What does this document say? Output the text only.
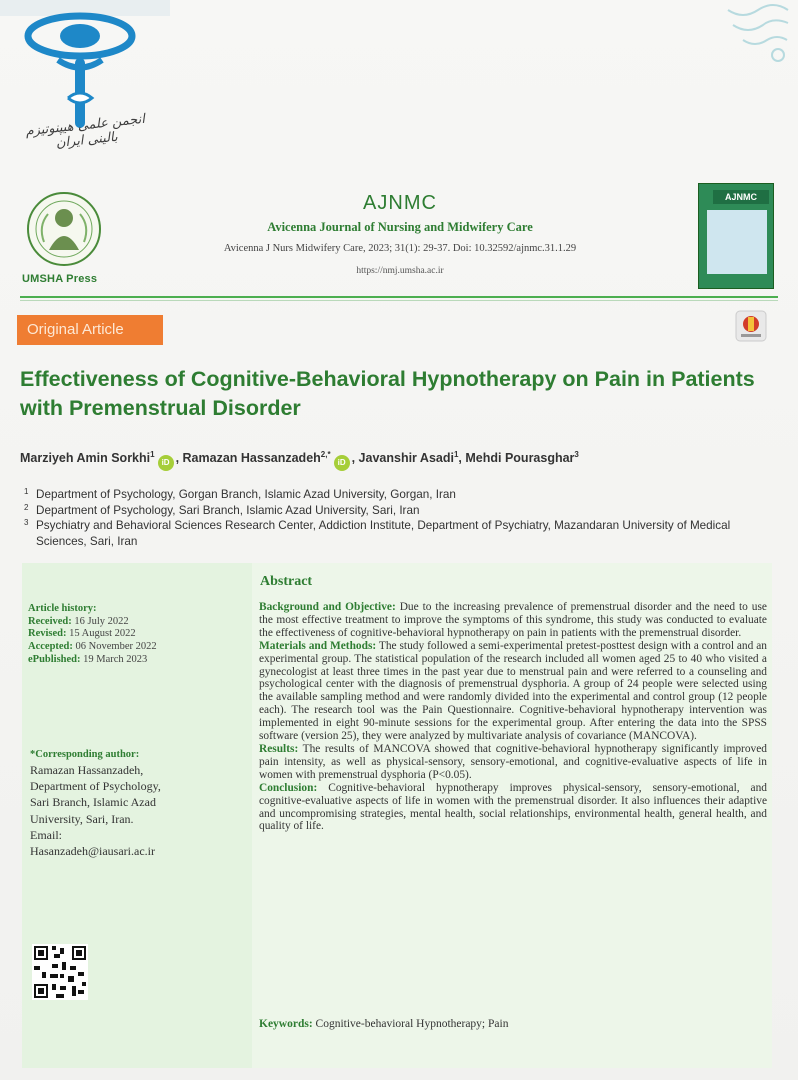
انجمن علمی هیپنوتیزم بالینی ایران
UMSHA Press
AJNMC
Avicenna Journal of Nursing and Midwifery Care
Avicenna J Nurs Midwifery Care, 2023; 31(1): 29-37. Doi: 10.32592/ajnmc.31.1.29
https://nmj.umsha.ac.ir
AJNMC
Original Article
Effectiveness of Cognitive-Behavioral Hypnotherapy on Pain in Patients with Premenstrual Disorder
Marziyeh Amin Sorkhi$^1$iD , Ramazan Hassanzadeh$^{2,*}$iD , Javanshir Asadi$^1$, Mehdi Pourasghar$^3$
1 Department of Psychology, Gorgan Branch, Islamic Azad University, Gorgan, Iran
2 Department of Psychology, Sari Branch, Islamic Azad University, Sari, Iran
3 Psychiatry and Behavioral Sciences Research Center, Addiction Institute, Department of Psychiatry, Mazandaran University of Medical Sciences, Sari, Iran
Article history:
Received: 16 July 2022
Revised: 15 August 2022
Accepted: 06 November 2022
ePublished: 19 March 2023
*Corresponding author:
Ramazan Hassanzadeh,
Department of Psychology,
Sari Branch, Islamic Azad
University, Sari, Iran.
Email:
Hasanzadeh@iausari.ac.ir
Abstract

Background and Objective: Due to the increasing prevalence of premenstrual disorder and the need to use the most effective treatment to improve the symptoms of this syndrome, this study was conducted to evaluate the effectiveness of cognitive-behavioral hypnotherapy on pain in patients with the premenstrual disorder.

Materials and Methods: The study followed a semi-experimental pretest-posttest design with a control and an experimental group. The statistical population of the research included all women aged 25 to 40 who visited a gynecologist at least three times in the past year due to menstrual pain and were referred to a counseling and psychological center with the diagnosis of premenstrual dysphoria. A group of 24 people were selected using the available sampling method and were randomly divided into the experimental and control group (12 people each). The research tool was the Pain Questionnaire. Cognitive-behavioral hypnotherapy intervention was implemented in eight 90-minute sessions for the experimental group. After entering the data into the SPSS software (version 25), they were analyzed by multivariate analysis of covariance (MANCOVA).

Results: The results of MANCOVA showed that cognitive-behavioral hypnotherapy significantly improved pain intensity, as well as physical-sensory, sensory-emotional, and cognitive-evaluative aspects of life in women with premenstrual dysphoria (P<0.05).

Conclusion: Cognitive-behavioral hypnotherapy improves physical-sensory, sensory-emotional, and cognitive-evaluative aspects of life in women with the premenstrual disorder. It also influences their adaptive and uncompromising strategies, mental health, social relationships, environmental health, general health, and quality of life.

Keywords: Cognitive-behavioral Hypnotherapy; Pain
